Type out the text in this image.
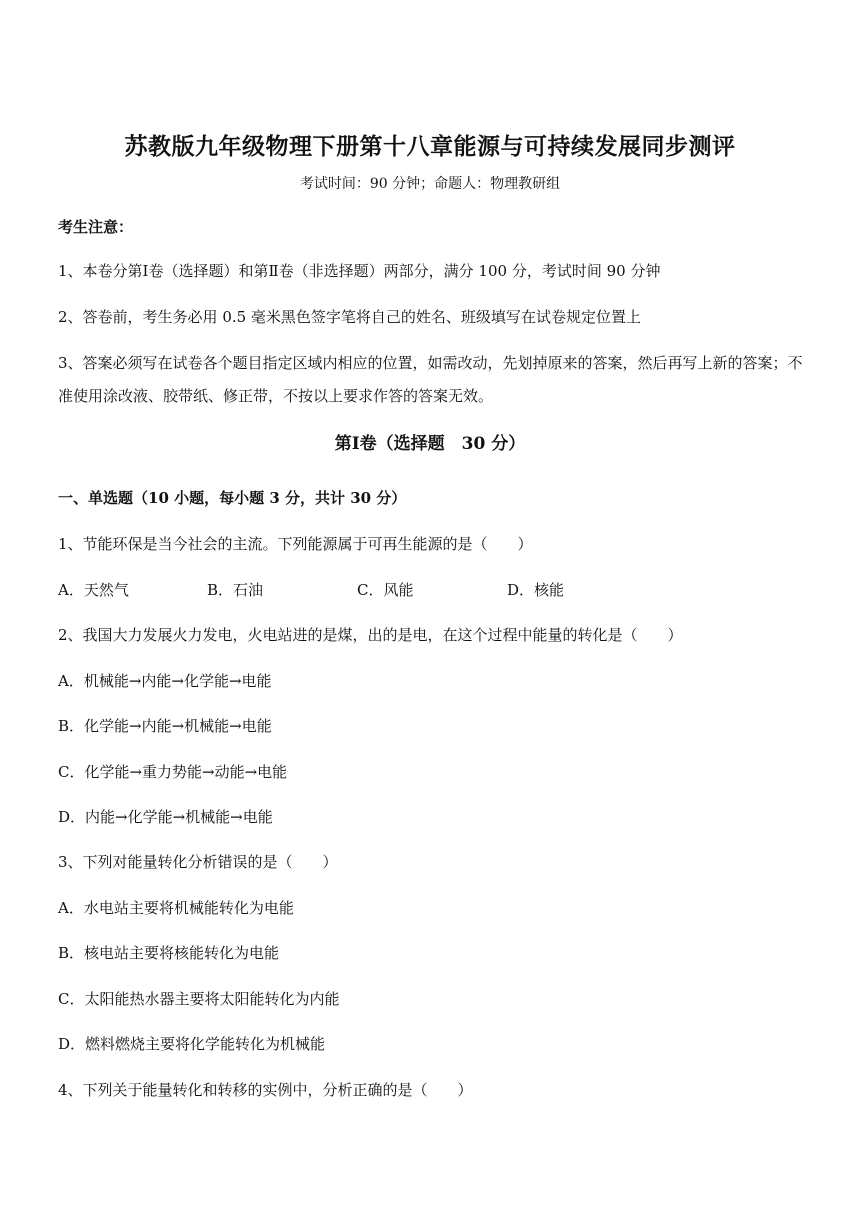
苏教版九年级物理下册第十八章能源与可持续发展同步测评
考试时间：90 分钟；命题人：物理教研组
考生注意：
1、本卷分第Ⅰ卷（选择题）和第Ⅱ卷（非选择题）两部分，满分 100 分，考试时间 90 分钟
2、答卷前，考生务必用 0.5 毫米黑色签字笔将自己的姓名、班级填写在试卷规定位置上
3、答案必须写在试卷各个题目指定区域内相应的位置，如需改动，先划掉原来的答案，然后再写上新的答案；不准使用涂改液、胶带纸、修正带，不按以上要求作答的答案无效。
第Ⅰ卷（选择题　30 分）
一、单选题（10 小题，每小题 3 分，共计 30 分）
1、节能环保是当今社会的主流。下列能源属于可再生能源的是（　　）
A．天然气	B．石油	C．风能	D．核能
2、我国大力发展火力发电，火电站进的是煤，出的是电，在这个过程中能量的转化是（　　）
A．机械能→内能→化学能→电能
B．化学能→内能→机械能→电能
C．化学能→重力势能→动能→电能
D．内能→化学能→机械能→电能
3、下列对能量转化分析错误的是（　　）
A．水电站主要将机械能转化为电能
B．核电站主要将核能转化为电能
C．太阳能热水器主要将太阳能转化为内能
D．燃料燃烧主要将化学能转化为机械能
4、下列关于能量转化和转移的实例中，分析正确的是（　　）
